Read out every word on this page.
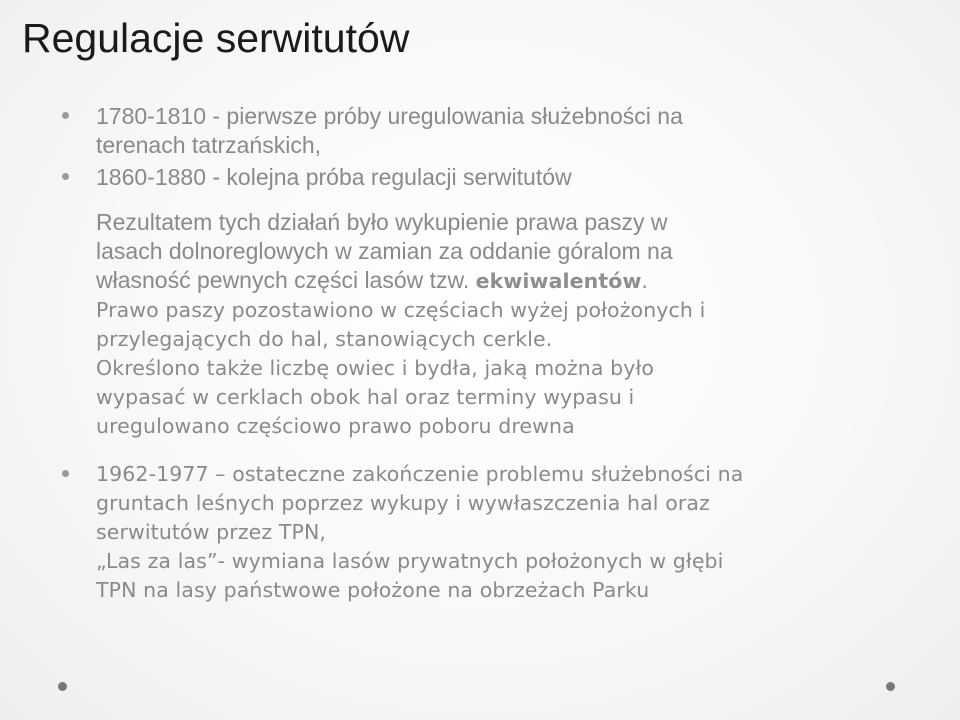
Regulacje serwitutów
1780-1810 - pierwsze próby uregulowania służebności na
terenach tatrzańskich,
1860-1880 - kolejna próba regulacji serwitutów
Rezultatem tych działań było wykupienie prawa paszy w
lasach dolnoreglowych w zamian za oddanie góralom na
własność pewnych części lasów tzw. ekwiwalentów.
Prawo paszy pozostawiono w częściach wyżej położonych i
przylegających do hal, stanowiących cerkle.
Określono także liczbę owiec i bydła, jaką można było
wypasać w cerklach obok hal oraz terminy wypasu i
uregulowano częściowo prawo poboru drewna
1962-1977 – ostateczne zakończenie problemu służebności na
gruntach leśnych poprzez wykupy i wywłaszczenia hal oraz
serwitutów przez TPN,
„Las za las”- wymiana lasów prywatnych położonych w głębi
TPN na lasy państwowe położone na obrzeżach Parku
